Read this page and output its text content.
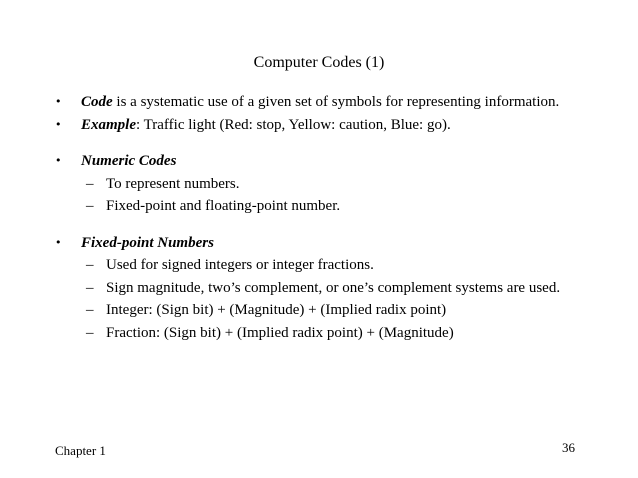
Computer Codes (1)
• Code is a systematic use of a given set of symbols for representing information.
• Example: Traffic light (Red: stop, Yellow: caution, Blue: go).
• Numeric Codes
– To represent numbers.
– Fixed-point and floating-point number.
• Fixed-point Numbers
– Used for signed integers or integer fractions.
– Sign magnitude, two’s complement, or one’s complement systems are used.
– Integer: (Sign bit) + (Magnitude) + (Implied radix point)
– Fraction: (Sign bit) + (Implied radix point) + (Magnitude)
Chapter 1	36
